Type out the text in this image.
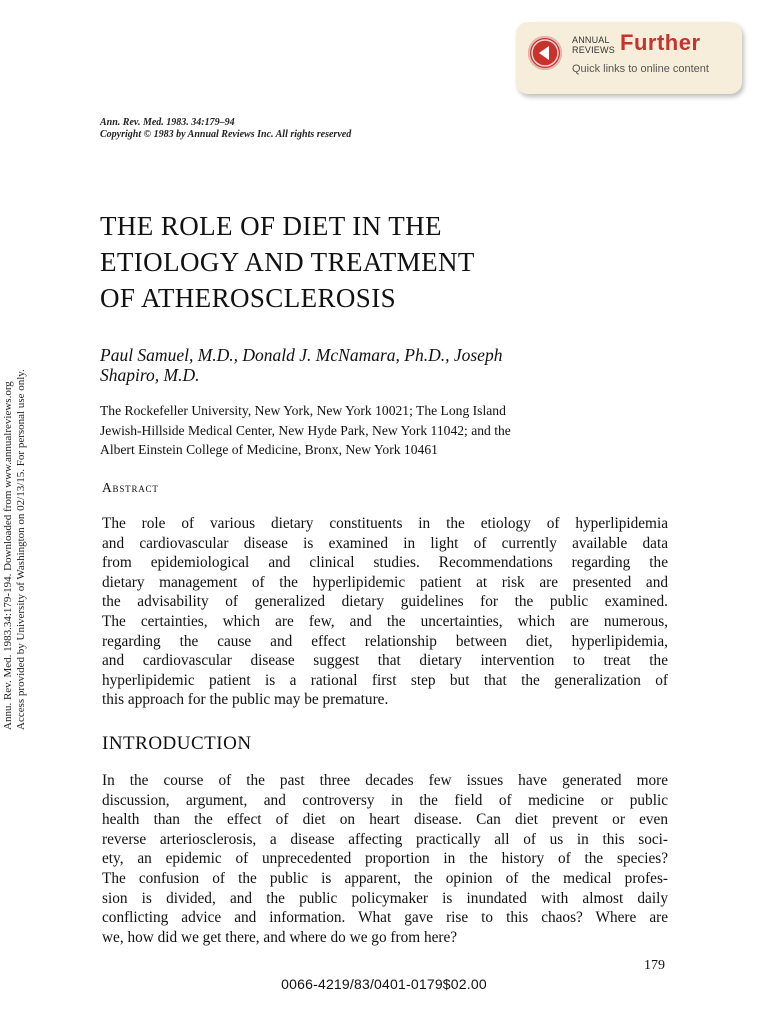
ANNUAL
REVIEWS Further
Quick links to online content
Annu. Rev. Med. 1983.34:179-194. Downloaded from www.annualreviews.org Access provided by University of Washington on 02/13/15. For personal use only.
Ann. Rev. Med. 1983. 34:179–94
Copyright © 1983 by Annual Reviews Inc. All rights reserved
THE ROLE OF DIET IN THE
ETIOLOGY AND TREATMENT
OF ATHEROSCLEROSIS
Paul Samuel, M.D., Donald J. McNamara, Ph.D., Joseph
Shapiro, M.D.
The Rockefeller University, New York, New York 10021; The Long Island
Jewish-Hillside Medical Center, New Hyde Park, New York 11042; and the
Albert Einstein College of Medicine, Bronx, New York 10461
Abstract
The role of various dietary constituents in the etiology of hyperlipidemia
and cardiovascular disease is examined in light of currently available data
from epidemiological and clinical studies. Recommendations regarding the
dietary management of the hyperlipidemic patient at risk are presented and
the advisability of generalized dietary guidelines for the public examined.
The certainties, which are few, and the uncertainties, which are numerous,
regarding the cause and effect relationship between diet, hyperlipidemia,
and cardiovascular disease suggest that dietary intervention to treat the
hyperlipidemic patient is a rational first step but that the generalization of
this approach for the public may be premature.
INTRODUCTION
In the course of the past three decades few issues have generated more
discussion, argument, and controversy in the field of medicine or public
health than the effect of diet on heart disease. Can diet prevent or even
reverse arteriosclerosis, a disease affecting practically all of us in this soci-
ety, an epidemic of unprecedented proportion in the history of the species?
The confusion of the public is apparent, the opinion of the medical profes-
sion is divided, and the public policymaker is inundated with almost daily
conflicting advice and information. What gave rise to this chaos? Where are
we, how did we get there, and where do we go from here?
179
0066-4219/83/0401-0179$02.00
